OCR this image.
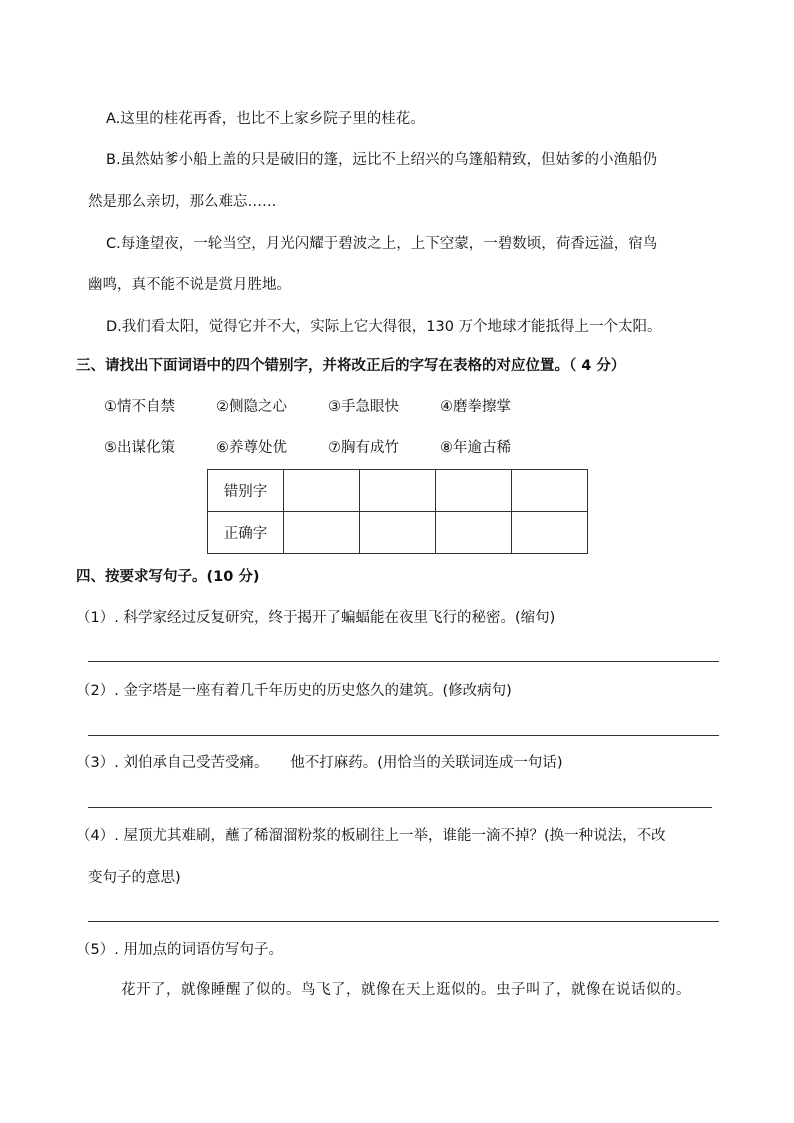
A.这里的桂花再香，也比不上家乡院子里的桂花。
B.虽然姑爹小船上盖的只是破旧的篷，远比不上绍兴的乌篷船精致，但姑爹的小渔船仍
然是那么亲切，那么难忘……
C.每逢望夜，一轮当空，月光闪耀于碧波之上，上下空蒙，一碧数顷，荷香远溢，宿鸟
幽鸣，真不能不说是赏月胜地。
D.我们看太阳，觉得它并不大，实际上它大得很，130 万个地球才能抵得上一个太阳。
三、请找出下面词语中的四个错别字，并将改正后的字写在表格的对应位置。（ 4 分）
①情不自禁	②侧隐之心	③手急眼快	④磨拳擦掌
⑤出谋化策	⑥养尊处优	⑦胸有成竹	⑧年逾古稀
错别字				
正确字				
四、按要求写句子。(10 分)
（1）. 科学家经过反复研究，终于揭开了蝙蝠能在夜里飞行的秘密。(缩句)
（2）. 金字塔是一座有着几千年历史的历史悠久的建筑。(修改病句)
（3）. 刘伯承自己受苦受痛。　　他不打麻药。(用恰当的关联词连成一句话)
（4）. 屋顶尤其难刷，蘸了稀溜溜粉浆的板刷往上一举，谁能一滴不掉？(换一种说法，不改
变句子的意思)
（5）. 用加点的词语仿写句子。
花开了，就像睡醒了似的。鸟飞了，就像在天上逛似的。虫子叫了，就像在说话似的。
